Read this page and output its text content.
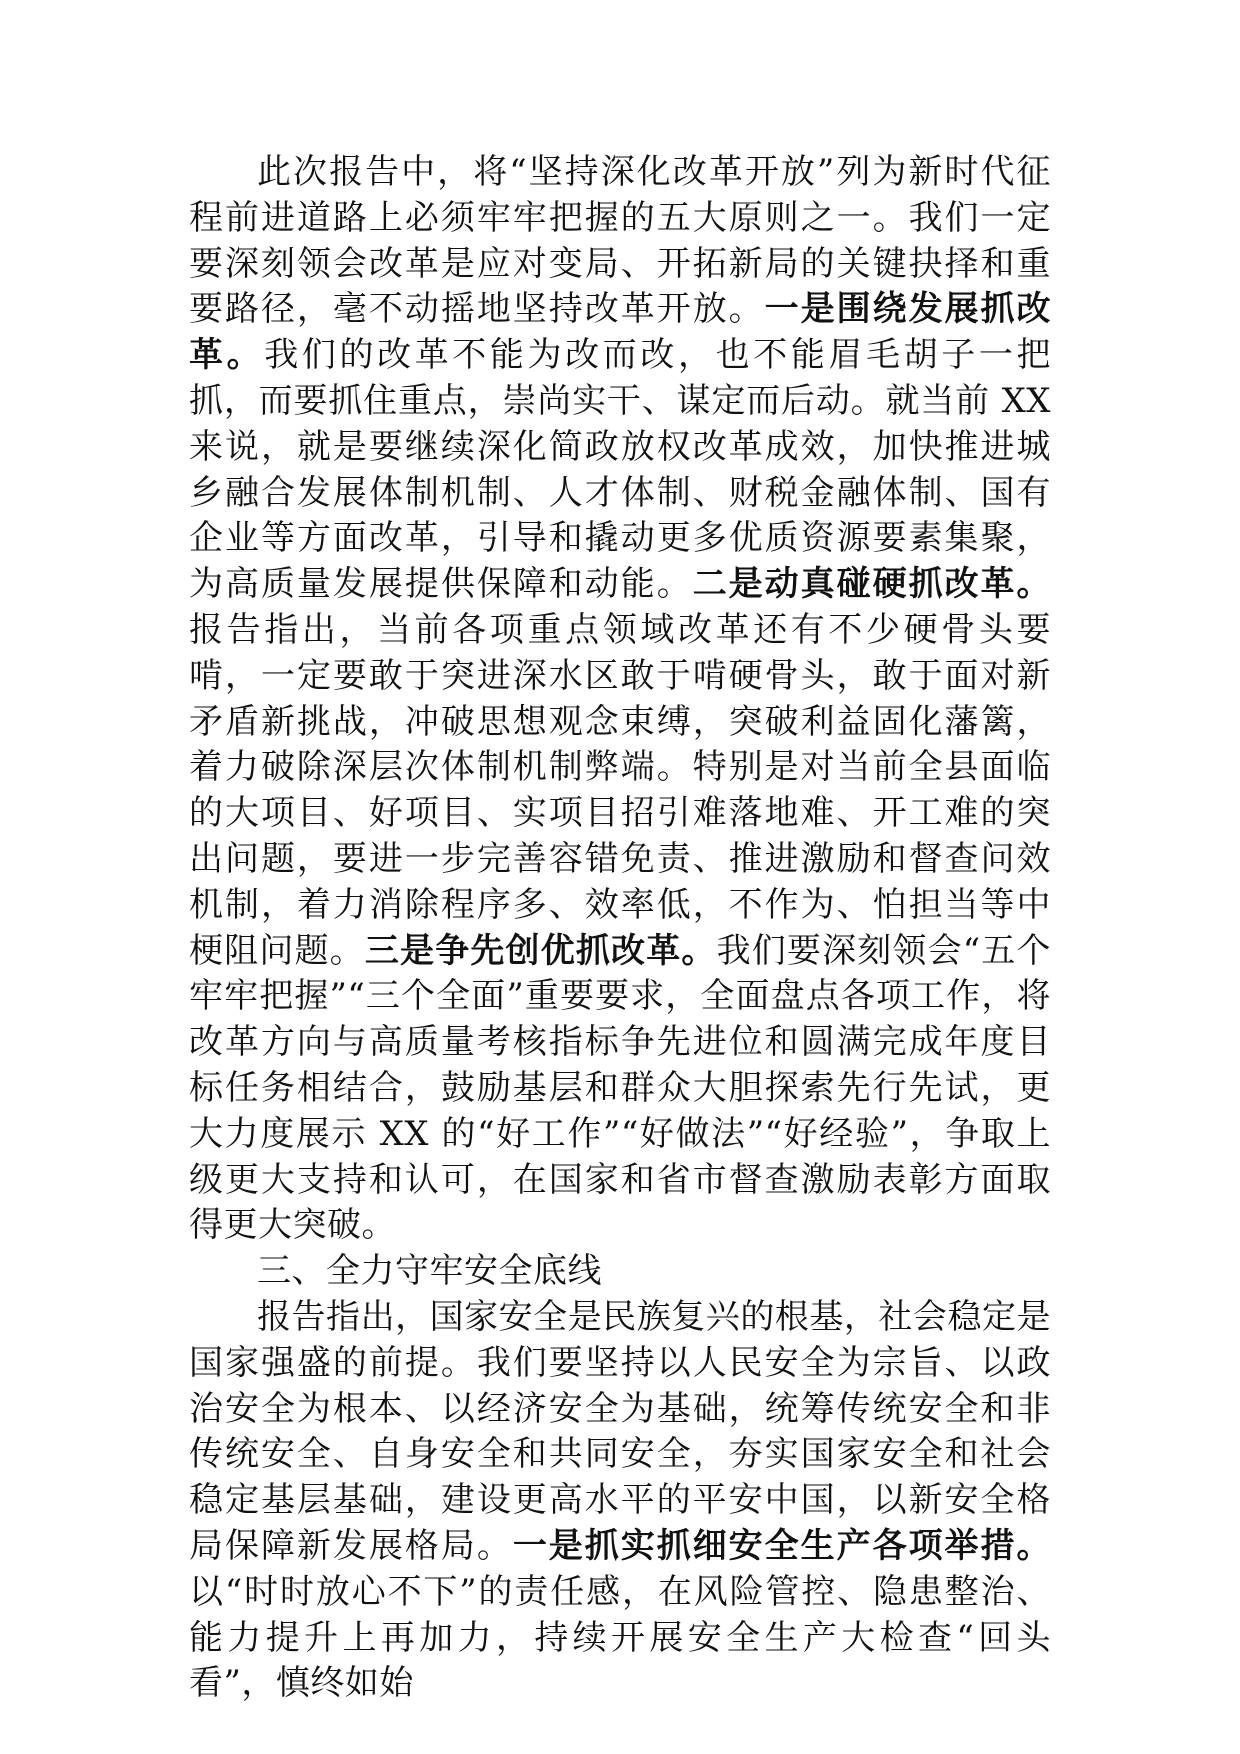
此次报告中，将“坚持深化改革开放”列为新时代征程前进道路上必须牢牢把握的五大原则之一。我们一定要深刻领会改革是应对变局、开拓新局的关键抉择和重要路径，毫不动摇地坚持改革开放。一是围绕发展抓改革。我们的改革不能为改而改，也不能眉毛胡子一把抓，而要抓住重点，崇尚实干、谋定而后动。就当前 XX 来说，就是要继续深化简政放权改革成效，加快推进城乡融合发展体制机制、人才体制、财税金融体制、国有企业等方面改革，引导和撬动更多优质资源要素集聚，为高质量发展提供保障和动能。二是动真碰硬抓改革。报告指出，当前各项重点领域改革还有不少硬骨头要啃，一定要敢于突进深水区敢于啃硬骨头，敢于面对新矛盾新挑战，冲破思想观念束缚，突破利益固化藩篱，着力破除深层次体制机制弊端。特别是对当前全县面临的大项目、好项目、实项目招引难落地难、开工难的突出问题，要进一步完善容错免责、推进激励和督查问效机制，着力消除程序多、效率低，不作为、怕担当等中梗阻问题。三是争先创优抓改革。我们要深刻领会“五个牢牢把握”“三个全面”重要要求，全面盘点各项工作，将改革方向与高质量考核指标争先进位和圆满完成年度目标任务相结合，鼓励基层和群众大胆探索先行先试，更大力度展示 XX 的“好工作”“好做法”“好经验”，争取上级更大支持和认可，在国家和省市督查激励表彰方面取得更大突破。

三、全力守牢安全底线

报告指出，国家安全是民族复兴的根基，社会稳定是国家强盛的前提。我们要坚持以人民安全为宗旨、以政治安全为根本、以经济安全为基础，统筹传统安全和非传统安全、自身安全和共同安全，夯实国家安全和社会稳定基层基础，建设更高水平的平安中国，以新安全格局保障新发展格局。一是抓实抓细安全生产各项举措。以“时时放心不下”的责任感，在风险管控、隐患整治、能力提升上再加力，持续开展安全生产大检查“回头看”，慎终如始
